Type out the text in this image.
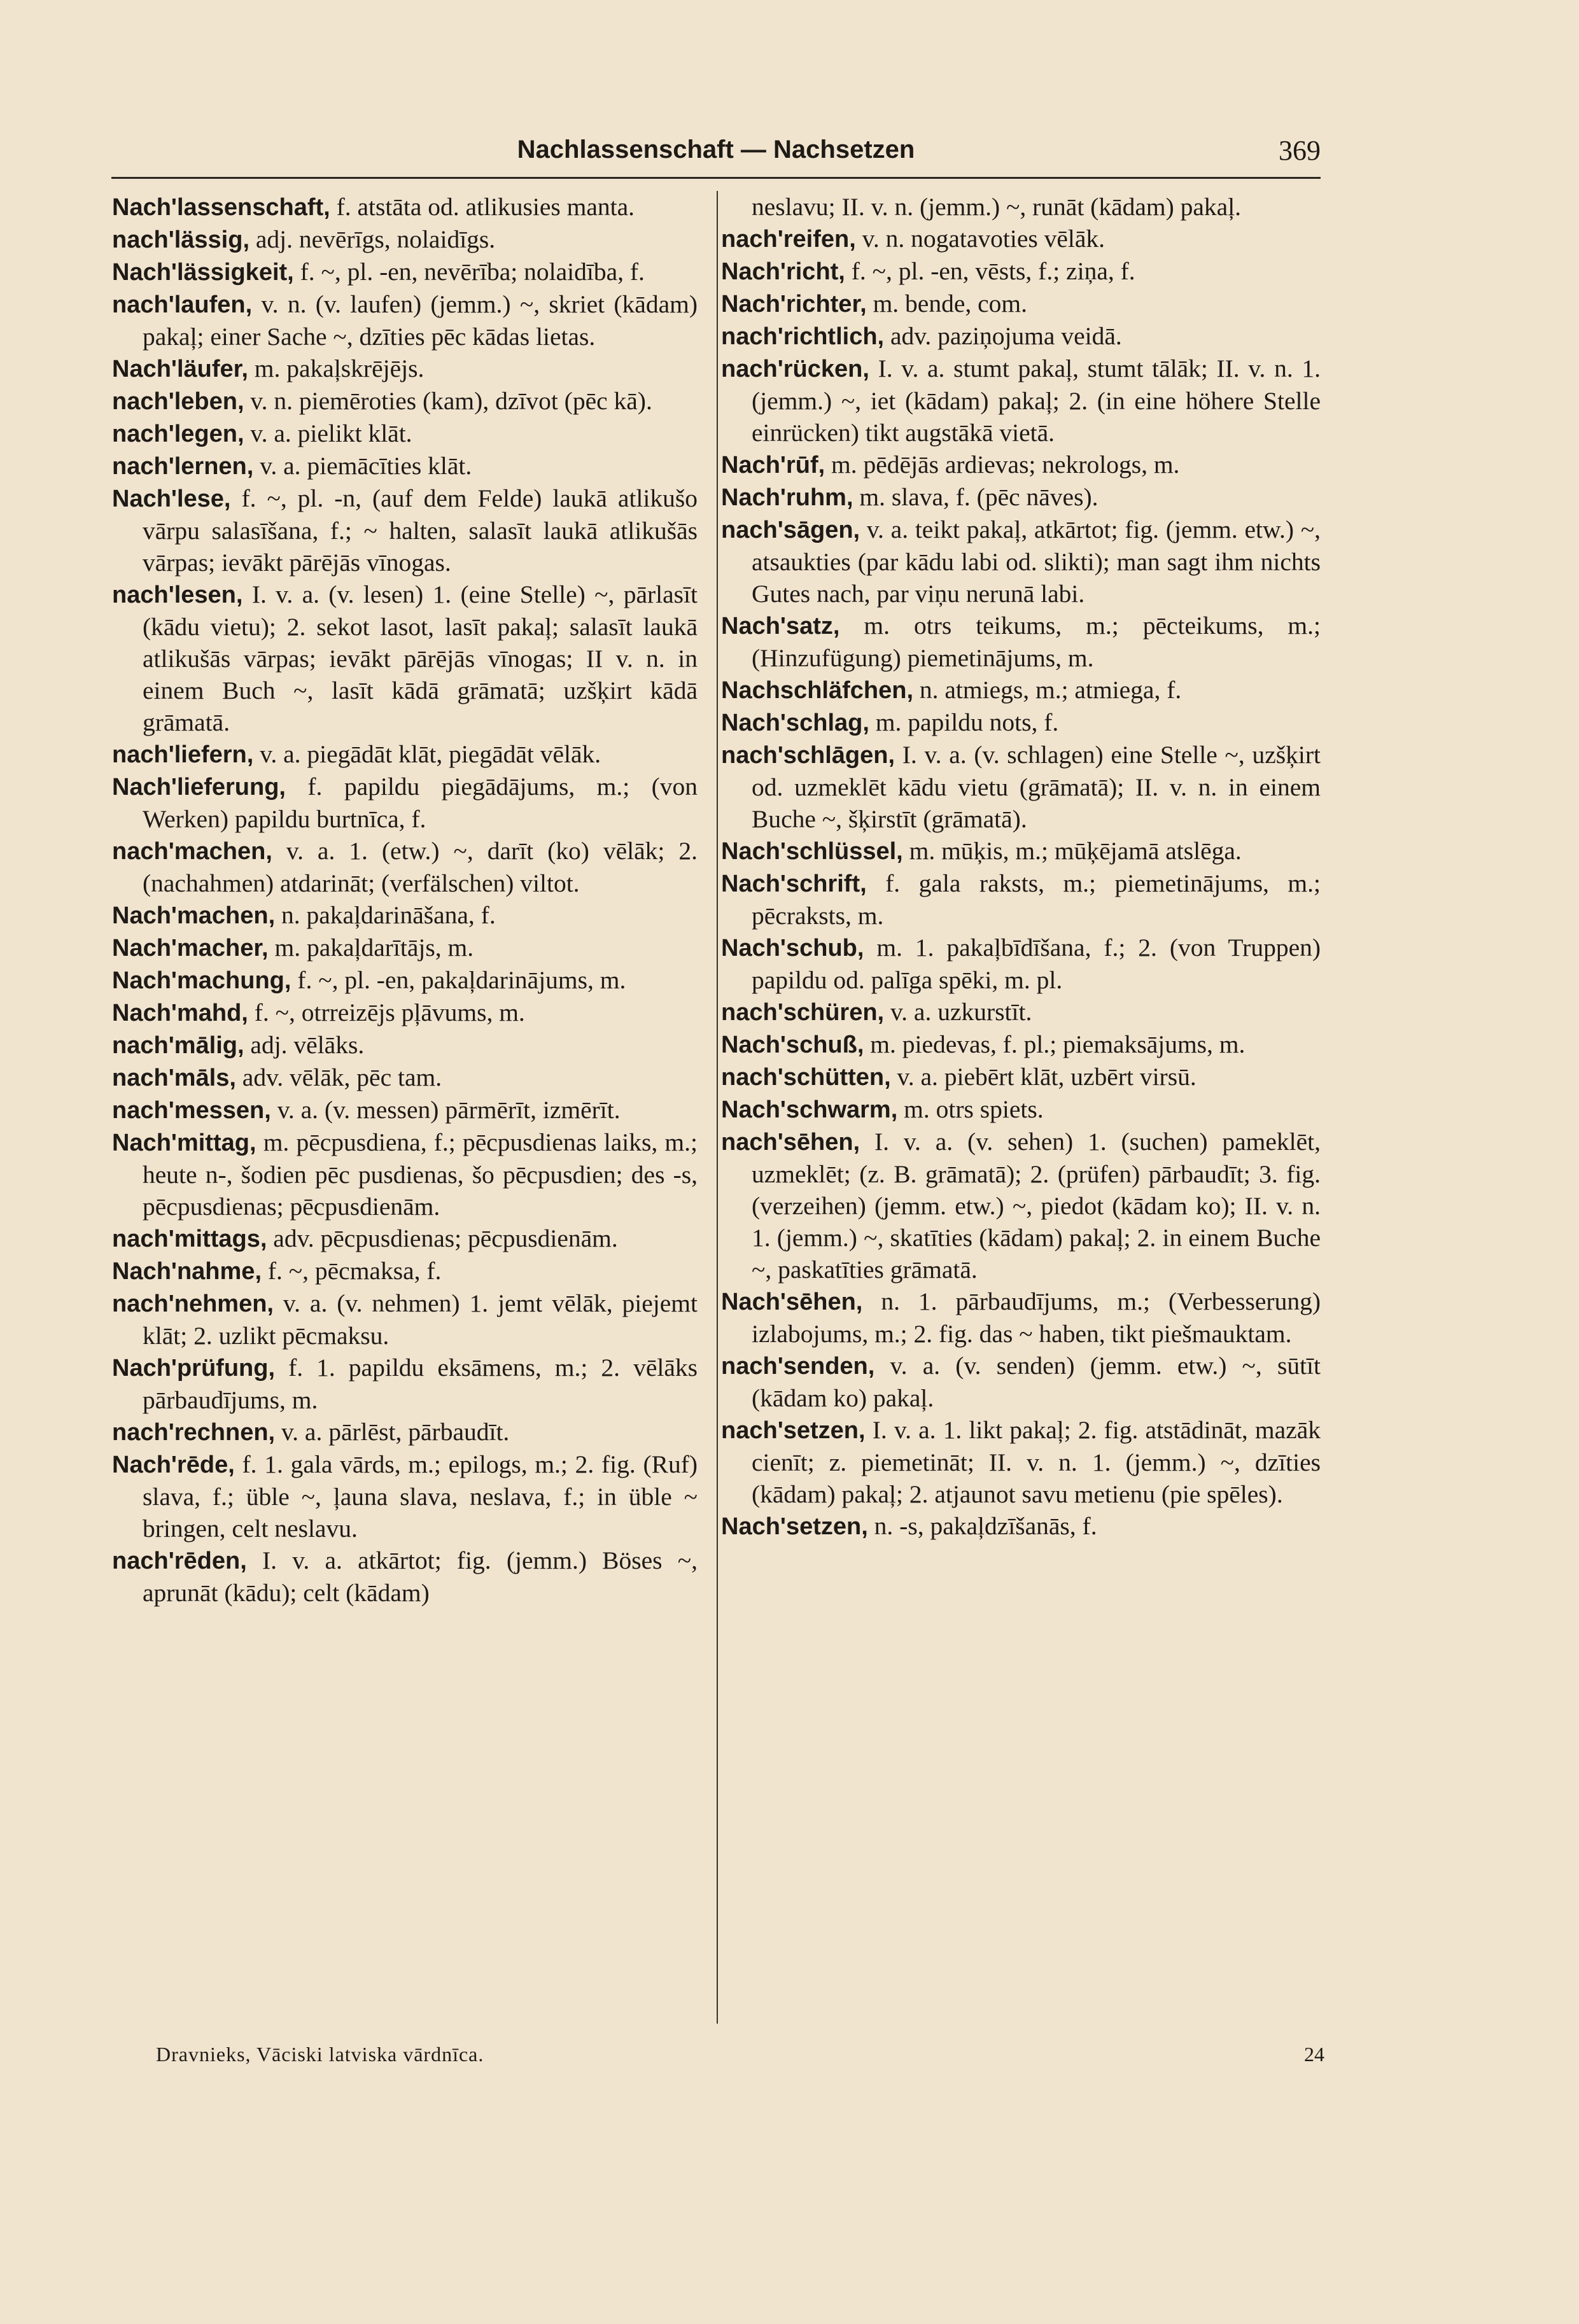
Nachlassenschaft — Nachsetzen	369

Nach'lassenschaft, f. atstāta od. atlikusies manta.

nach'lässig, adj. nevērīgs, nolaidīgs.

Nach'lässigkeit, f. ~, pl. -en, nevērība; nolaidība, f.

nach'laufen, v. n. (v. laufen) (jemm.) ~, skriet (kādam) pakaļ; einer Sache ~, dzīties pēc kādas lietas.

Nach'läufer, m. pakaļskrējējs.

nach'leben, v. n. piemēroties (kam), dzīvot (pēc kā).

nach'legen, v. a. pielikt klāt.

nach'lernen, v. a. piemācīties klāt.

Nach'lese, f. ~, pl. -n, (auf dem Felde) laukā atlikušo vārpu salasīšana, f.; ~ halten, salasīt laukā atlikušās vārpas; ievākt pārējās vīnogas.

nach'lesen, I. v. a. (v. lesen) 1. (eine Stelle) ~, pārlasīt (kādu vietu); 2. sekot lasot, lasīt pakaļ; salasīt laukā atlikušās vārpas; ievākt pārējās vīnogas; II v. n. in einem Buch ~, lasīt kādā grāmatā; uzšķirt kādā grāmatā.

nach'liefern, v. a. piegādāt klāt, piegādāt vēlāk.

Nach'lieferung, f. papildu piegādājums, m.; (von Werken) papildu burtnīca, f.

nach'machen, v. a. 1. (etw.) ~, darīt (ko) vēlāk; 2. (nachahmen) atdarināt; (verfälschen) viltot.

Nach'machen, n. pakaļdarināšana, f.

Nach'macher, m. pakaļdarītājs, m.

Nach'machung, f. ~, pl. -en, pakaļdarinājums, m.

Nach'mahd, f. ~, otrreizējs pļāvums, m.

nach'mālig, adj. vēlāks.

nach'māls, adv. vēlāk, pēc tam.

nach'messen, v. a. (v. messen) pārmērīt, izmērīt.

Nach'mittag, m. pēcpusdiena, f.; pēcpusdienas laiks, m.; heute n-, šodien pēc pusdienas, šo pēcpusdien; des -s, pēcpusdienas; pēcpusdienām.

nach'mittags, adv. pēcpusdienas; pēcpusdienām.

Nach'nahme, f. ~, pēcmaksa, f.

nach'nehmen, v. a. (v. nehmen) 1. jemt vēlāk, piejemt klāt; 2. uzlikt pēcmaksu.

Nach'prüfung, f. 1. papildu eksāmens, m.; 2. vēlāks pārbaudījums, m.

nach'rechnen, v. a. pārlēst, pārbaudīt.

Nach'rēde, f. 1. gala vārds, m.; epilogs, m.; 2. fig. (Ruf) slava, f.; üble ~, ļauna slava, neslava, f.; in üble ~ bringen, celt neslavu.

nach'rēden, I. v. a. atkārtot; fig. (jemm.) Böses ~, aprunāt (kādu); celt (kādam)

neslavu; II. v. n. (jemm.) ~, runāt (kādam) pakaļ.

nach'reifen, v. n. nogatavoties vēlāk.

Nach'richt, f. ~, pl. -en, vēsts, f.; ziņa, f.

Nach'richter, m. bende, com.

nach'richtlich, adv. paziņojuma veidā.

nach'rücken, I. v. a. stumt pakaļ, stumt tālāk; II. v. n. 1. (jemm.) ~, iet (kādam) pakaļ; 2. (in eine höhere Stelle einrücken) tikt augstākā vietā.

Nach'rūf, m. pēdējās ardievas; nekrologs, m.

Nach'ruhm, m. slava, f. (pēc nāves).

nach'sāgen, v. a. teikt pakaļ, atkārtot; fig. (jemm. etw.) ~, atsaukties (par kādu labi od. slikti); man sagt ihm nichts Gutes nach, par viņu nerunā labi.

Nach'satz, m. otrs teikums, m.; pēcteikums, m.; (Hinzufügung) piemetinājums, m.

Nachschläfchen, n. atmiegs, m.; atmiega, f.

Nach'schlag, m. papildu nots, f.

nach'schlāgen, I. v. a. (v. schlagen) eine Stelle ~, uzšķirt od. uzmeklēt kādu vietu (grāmatā); II. v. n. in einem Buche ~, šķirstīt (grāmatā).

Nach'schlüssel, m. mūķis, m.; mūķējamā atslēga.

Nach'schrift, f. gala raksts, m.; piemetinājums, m.; pēcraksts, m.

Nach'schub, m. 1. pakaļbīdīšana, f.; 2. (von Truppen) papildu od. palīga spēki, m. pl.

nach'schüren, v. a. uzkurstīt.

Nach'schuß, m. piedevas, f. pl.; piemaksājums, m.

nach'schütten, v. a. piebērt klāt, uzbērt virsū.

Nach'schwarm, m. otrs spiets.

nach'sēhen, I. v. a. (v. sehen) 1. (suchen) pameklēt, uzmeklēt; (z. B. grāmatā); 2. (prüfen) pārbaudīt; 3. fig. (verzeihen) (jemm. etw.) ~, piedot (kādam ko); II. v. n. 1. (jemm.) ~, skatīties (kādam) pakaļ; 2. in einem Buche ~, paskatīties grāmatā.

Nach'sēhen, n. 1. pārbaudījums, m.; (Verbesserung) izlabojums, m.; 2. fig. das ~ haben, tikt piešmauktam.

nach'senden, v. a. (v. senden) (jemm. etw.) ~, sūtīt (kādam ko) pakaļ.

nach'setzen, I. v. a. 1. likt pakaļ; 2. fig. atstādināt, mazāk cienīt; z. piemetināt; II. v. n. 1. (jemm.) ~, dzīties (kādam) pakaļ; 2. atjaunot savu metienu (pie spēles).

Nach'setzen, n. -s, pakaļdzīšanās, f.

Dravnieks, Vāciski latviska vārdnīca.	24
